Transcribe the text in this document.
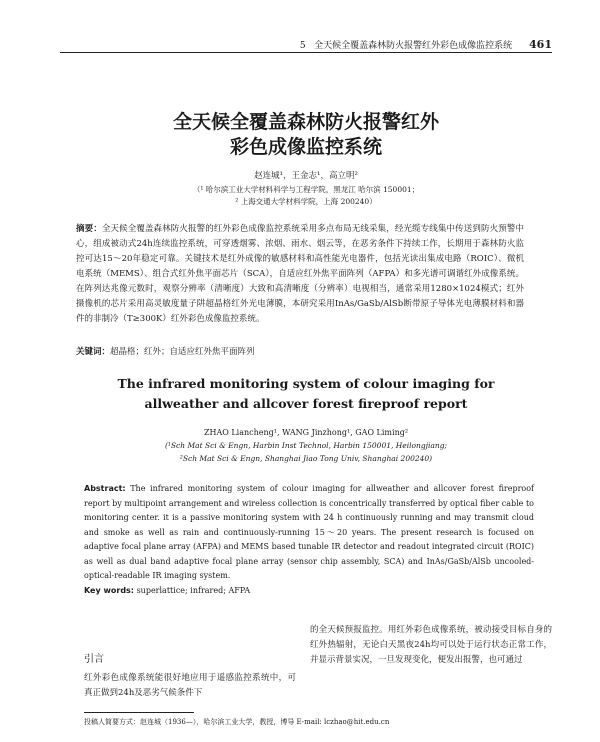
5 全天候全覆盖森林防火报警红外彩色成像监控系统 461
全天候全覆盖森林防火报警红外
彩色成像监控系统
赵连城¹，王金志¹，高立明²
（¹ 哈尔滨工业大学材料科学与工程学院，黑龙江 哈尔滨 150001；
² 上海交通大学材料学院，上海 200240）
摘要：全天候全覆盖森林防火报警的红外彩色成像监控系统采用多点布局无线采集，经光缆专线集中传送到防火预警中心，组成被动式24h连续监控系统，可穿透烟雾、浓烟、雨水、烟云等，在恶劣条件下持续工作，长期用于森林防火监控可达15～20年稳定可靠。关键技术是红外成像的敏感材料和高性能光电器件，包括光读出集成电路（ROIC）、微机电系统（MEMS）、组合式红外焦平面芯片（SCA），自适应红外焦平面阵列（AFPA）和多光谱可调谐红外成像系统。在阵列达兆像元数时，观察分辨率（清晰度）大致和高清晰度（分辨率）电视相当，通常采用1280×1024模式；红外摄像机的芯片采用高灵敏度量子阱超晶格红外光电薄膜，本研究采用InAs/GaSb/AlSb断带原子导体光电薄膜材料和器件的非制冷（T≥300K）红外彩色成像监控系统。
关键词：超晶格；红外；自适应红外焦平面阵列
The infrared monitoring system of colour imaging for
allweather and allcover forest fireproof report
ZHAO Liancheng¹, WANG Jinzhong¹, GAO Liming²
(¹Sch Mat Sci & Engn, Harbin Inst Technol, Harbin 150001, Heilongjiang;
²Sch Mat Sci & Engn, Shanghai Jiao Tong Univ, Shanghai 200240)
Abstract: The infrared monitoring system of colour imaging for allweather and allcover forest fireproof report by multipoint arrangement and wireless collection is concentrically transferred by optical fiber cable to monitoring center. it is a passive monitoring system with 24 h continuously running and may transmit cloud and smoke as well as rain and continuously-running 15～20 years. The present research is focused on adaptive focal plane array (AFPA) and MEMS based tunable IR detector and readout integrated circuit (ROIC) as well as dual band adaptive focal plane array (sensor chip assembly, SCA) and InAs/GaSb/AlSb uncooled-optical-readable IR imaging system.
Key words: superlattice; infrared; AFPA
的全天候预报监控。用红外彩色成像系统，被动接受目标自身的红外热辐射，无论白天黑夜24h均可以处于运行状态正常工作，并显示背景实况，一旦发现变化，便发出报警，也可通过
引言
红外彩色成像系统能很好地应用于遥感监控系统中，可真正做到24h及恶劣气候条件下
投稿人简要方式：赵连城（1936—），哈尔滨工业大学，教授，博导 E-mail: lczhao@hit.edu.cn
